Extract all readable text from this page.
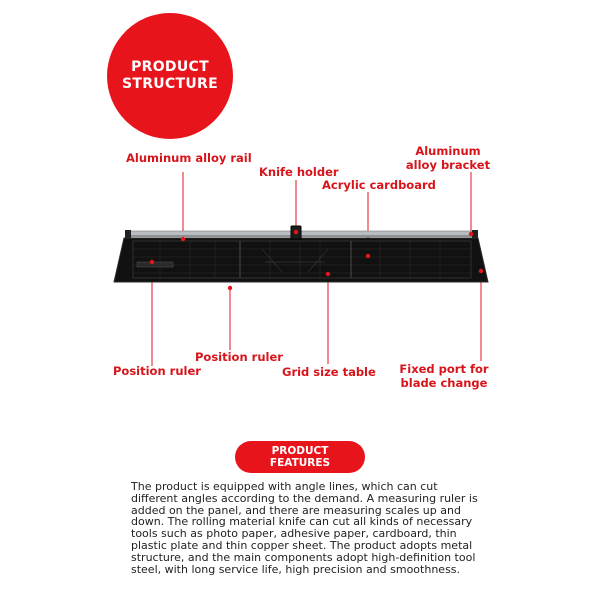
PRODUCT
STRUCTURE
Aluminum alloy rail
Knife holder
Acrylic cardboard
Aluminum
alloy bracket
Position ruler
Position ruler
Grid size table Fixed port for
blade change
PRODUCT
FEATURES

The product is equipped with angle lines, which can cut different angles according to the demand. A measuring ruler is added on the panel, and there are measuring scales up and down. The rolling material knife can cut all kinds of necessary tools such as photo paper, adhesive paper, cardboard, thin plastic plate and thin copper sheet. The product adopts metal structure, and the main components adopt high-definition tool steel, with long service life, high precision and smoothness.
